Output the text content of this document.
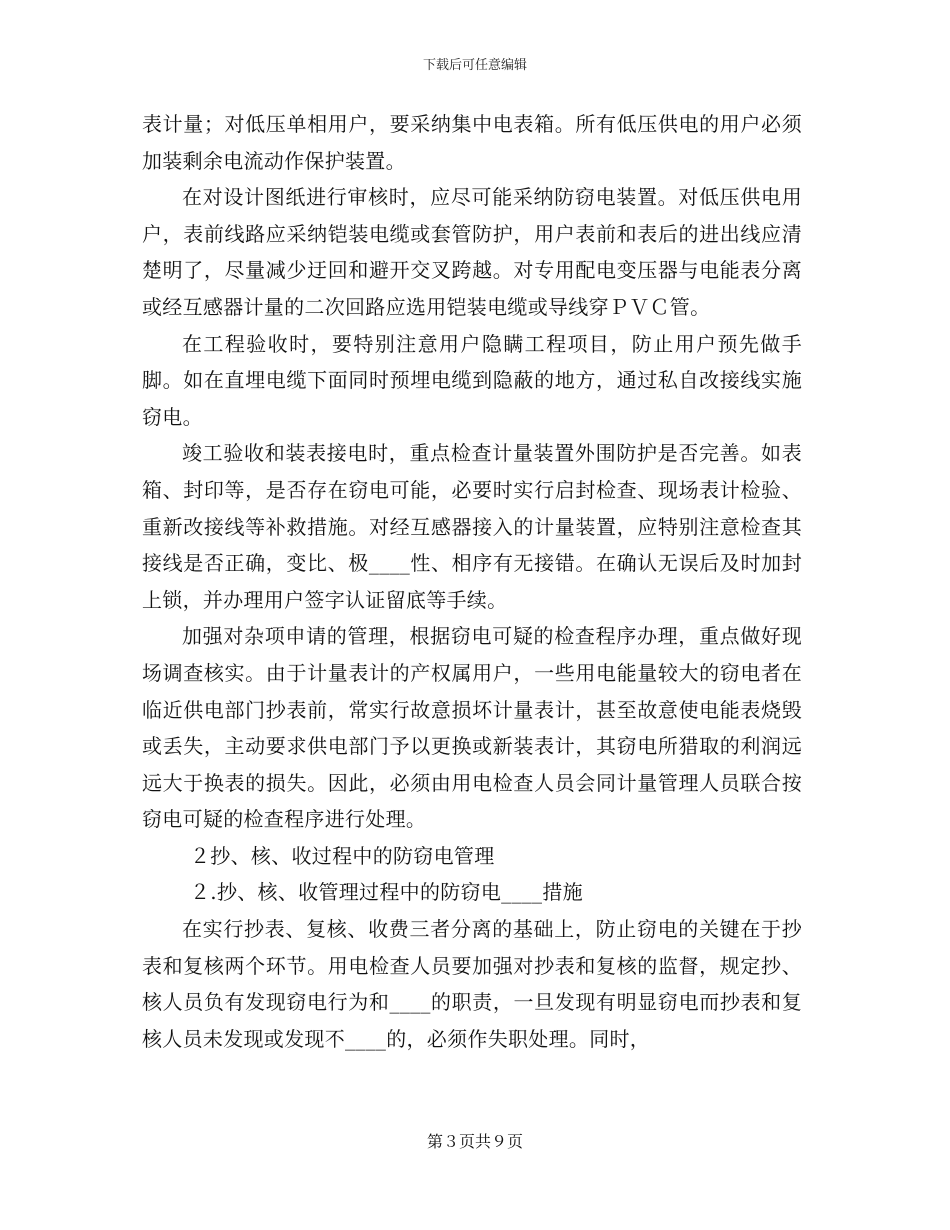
下载后可任意编辑

表计量；对低压单相用户，要采纳集中电表箱。所有低压供电的用户必须加装剩余电流动作保护装置。

在对设计图纸进行审核时，应尽可能采纳防窃电装置。对低压供电用户，表前线路应采纳铠装电缆或套管防护，用户表前和表后的进出线应清楚明了，尽量减少迂回和避开交叉跨越。对专用配电变压器与电能表分离或经互感器计量的二次回路应选用铠装电缆或导线穿ＰＶＣ管。

在工程验收时，要特别注意用户隐瞒工程项目，防止用户预先做手脚。如在直埋电缆下面同时预埋电缆到隐蔽的地方，通过私自改接线实施窃电。

竣工验收和装表接电时，重点检查计量装置外围防护是否完善。如表箱、封印等，是否存在窃电可能，必要时实行启封检查、现场表计检验、重新改接线等补救措施。对经互感器接入的计量装置，应特别注意检查其接线是否正确，变比、极____性、相序有无接错。在确认无误后及时加封上锁，并办理用户签字认证留底等手续。

加强对杂项申请的管理，根据窃电可疑的检查程序办理，重点做好现场调查核实。由于计量表计的产权属用户，一些用电能量较大的窃电者在临近供电部门抄表前，常实行故意损坏计量表计，甚至故意使电能表烧毁或丢失，主动要求供电部门予以更换或新装表计，其窃电所猎取的利润远远大于换表的损失。因此，必须由用电检查人员会同计量管理人员联合按窃电可疑的检查程序进行处理。

２抄、核、收过程中的防窃电管理

２.抄、核、收管理过程中的防窃电____措施

在实行抄表、复核、收费三者分离的基础上，防止窃电的关键在于抄表和复核两个环节。用电检查人员要加强对抄表和复核的监督，规定抄、核人员负有发现窃电行为和____的职责，一旦发现有明显窃电而抄表和复核人员未发现或发现不____的，必须作失职处理。同时，

第３页共９页
